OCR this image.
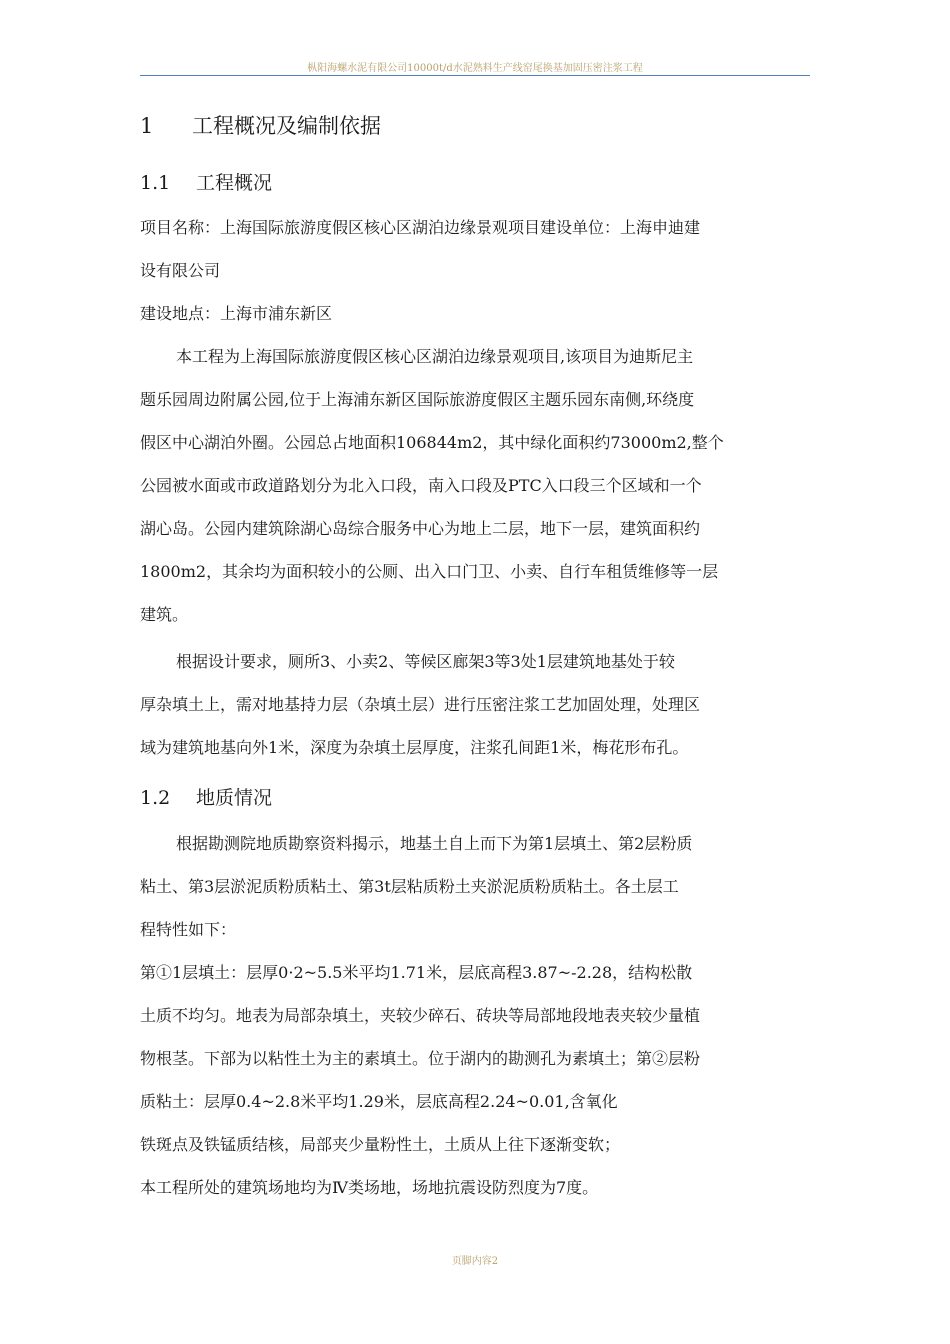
枞阳海螺水泥有限公司10000t/d水泥熟料生产线窑尾换基加固压密注浆工程
1 工程概况及编制依据
1.1 工程概况
项目名称：上海国际旅游度假区核心区湖泊边缘景观项目建设单位：上海申迪建
设有限公司
建设地点：上海市浦东新区
本工程为上海国际旅游度假区核心区湖泊边缘景观项目,该项目为迪斯尼主
题乐园周边附属公园,位于上海浦东新区国际旅游度假区主题乐园东南侧,环绕度
假区中心湖泊外圈。公园总占地面积106844m2，其中绿化面积约73000m2,整个
公园被水面或市政道路划分为北入口段，南入口段及PTC入口段三个区域和一个
湖心岛。公园内建筑除湖心岛综合服务中心为地上二层，地下一层，建筑面积约
1800m2，其余均为面积较小的公厕、出入口门卫、小卖、自行车租赁维修等一层
建筑。
根据设计要求，厕所3、小卖2、等候区廊架3等3处1层建筑地基处于较
厚杂填土上，需对地基持力层（杂填土层）进行压密注浆工艺加固处理，处理区
域为建筑地基向外1米，深度为杂填土层厚度，注浆孔间距1米，梅花形布孔。
1.2 地质情况
根据勘测院地质勘察资料揭示，地基土自上而下为第1层填土、第2层粉质
粘土、第3层淤泥质粉质粘土、第3t层粘质粉土夹淤泥质粉质粘土。各土层工
程特性如下：
第①1层填土：层厚0·2~5.5米平均1.71米，层底高程3.87~-2.28，结构松散
土质不均匀。地表为局部杂填土，夹较少碎石、砖块等局部地段地表夹较少量植
物根茎。下部为以粘性土为主的素填土。位于湖内的勘测孔为素填土；第②层粉
质粘土：层厚0.4~2.8米平均1.29米，层底高程2.24~0.01,含氧化
铁斑点及铁锰质结核，局部夹少量粉性土，土质从上往下逐渐变软；
本工程所处的建筑场地均为Ⅳ类场地，场地抗震设防烈度为7度。
页脚内容2
